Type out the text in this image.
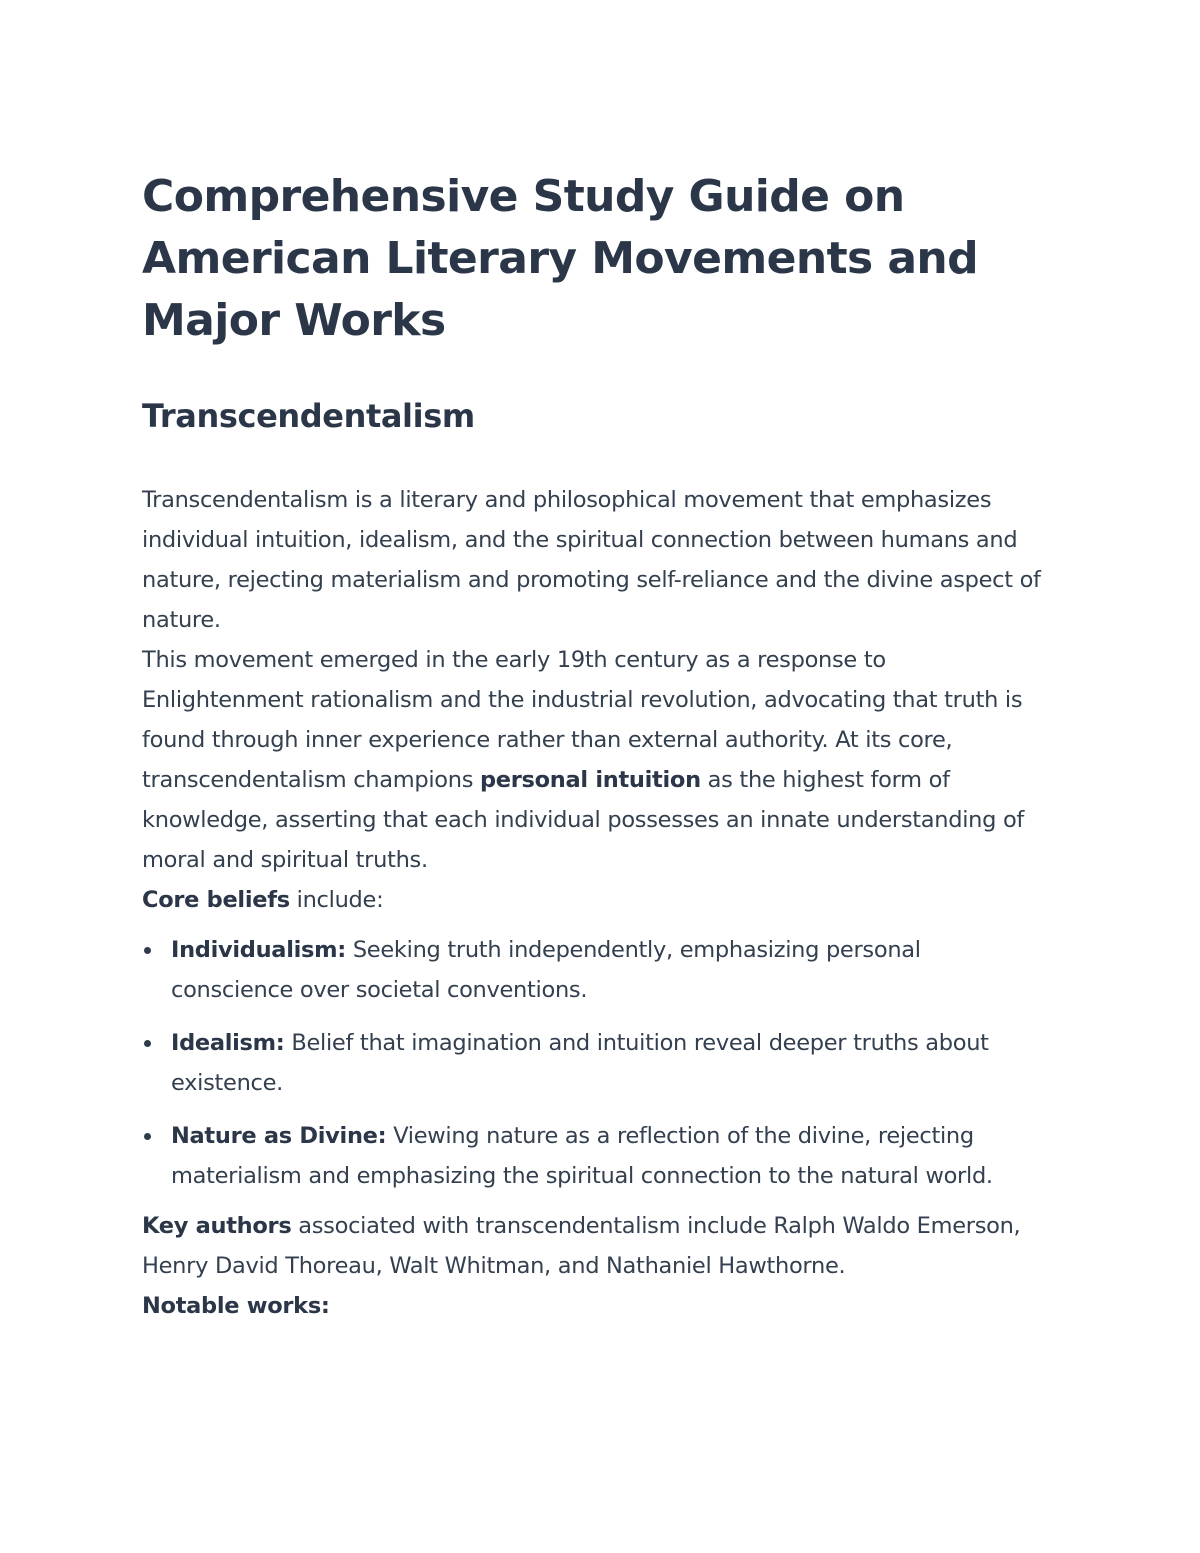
Comprehensive Study Guide on American Literary Movements and Major Works
Transcendentalism

Transcendentalism is a literary and philosophical movement that emphasizes individual intuition, idealism, and the spiritual connection between humans and nature, rejecting materialism and promoting self-reliance and the divine aspect of nature.

This movement emerged in the early 19th century as a response to Enlightenment rationalism and the industrial revolution, advocating that truth is found through inner experience rather than external authority. At its core, transcendentalism champions personal intuition as the highest form of knowledge, asserting that each individual possesses an innate understanding of moral and spiritual truths.

Core beliefs include:

Individualism: Seeking truth independently, emphasizing personal conscience over societal conventions.
Idealism: Belief that imagination and intuition reveal deeper truths about existence.
Nature as Divine: Viewing nature as a reflection of the divine, rejecting materialism and emphasizing the spiritual connection to the natural world.

Key authors associated with transcendentalism include Ralph Waldo Emerson, Henry David Thoreau, Walt Whitman, and Nathaniel Hawthorne.

Notable works:
